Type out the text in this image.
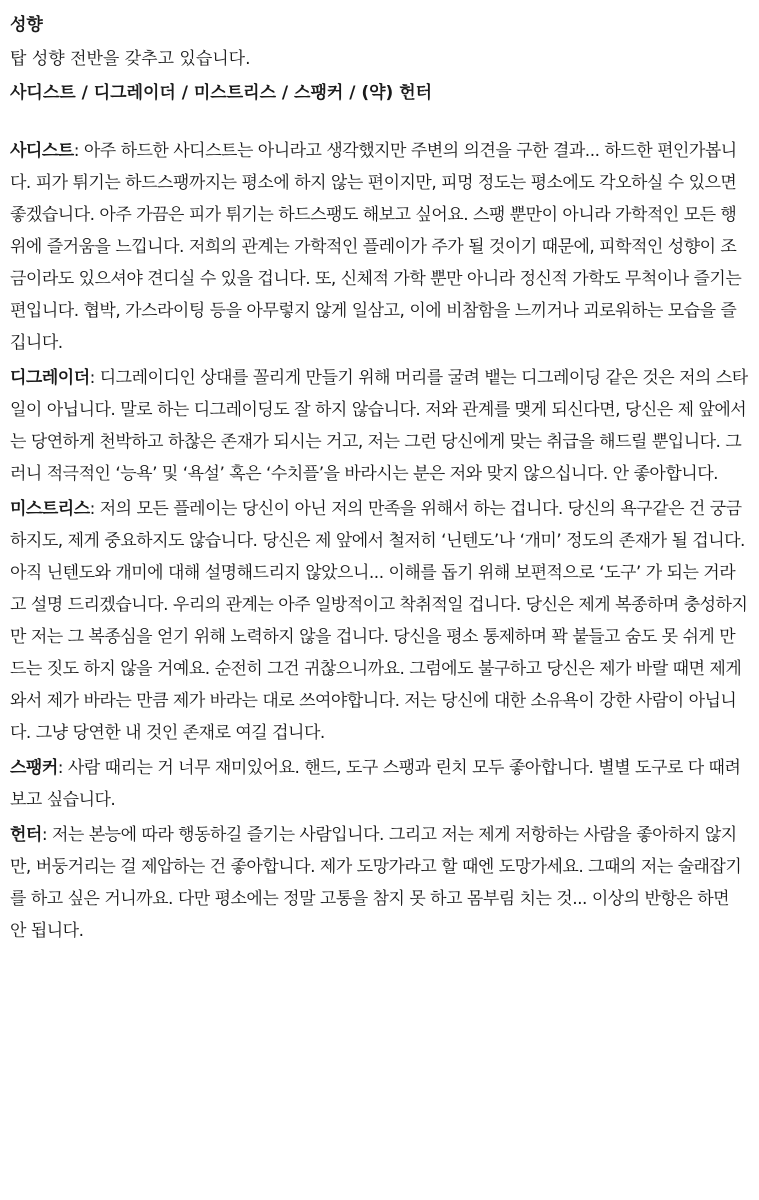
성향
탑 성향 전반을 갖추고 있습니다.
사디스트 / 디그레이더 / 미스트리스 / 스팽커 / (약) 헌터

사디스트: 아주 하드한 사디스트는 아니라고 생각했지만 주변의 의견을 구한 결과... 하드한 편인가봅니다. 피가 튀기는 하드스팽까지는 평소에 하지 않는 편이지만, 피멍 정도는 평소에도 각오하실 수 있으면 좋겠습니다. 아주 가끔은 피가 튀기는 하드스팽도 해보고 싶어요. 스팽 뿐만이 아니라 가학적인 모든 행위에 즐거움을 느낍니다. 저희의 관계는 가학적인 플레이가 주가 될 것이기 때문에, 피학적인 성향이 조금이라도 있으셔야 견디실 수 있을 겁니다. 또, 신체적 가학 뿐만 아니라 정신적 가학도 무척이나 즐기는 편입니다. 협박, 가스라이팅 등을 아무렇지 않게 일삼고, 이에 비참함을 느끼거나 괴로워하는 모습을 즐깁니다.

디그레이더: 디그레이디인 상대를 꼴리게 만들기 위해 머리를 굴려 뱉는 디그레이딩 같은 것은 저의 스타일이 아닙니다. 말로 하는 디그레이딩도 잘 하지 않습니다. 저와 관계를 맺게 되신다면, 당신은 제 앞에서는 당연하게 천박하고 하찮은 존재가 되시는 거고, 저는 그런 당신에게 맞는 취급을 해드릴 뿐입니다. 그러니 적극적인 ‘능욕’ 및 ‘욕설’ 혹은 ‘수치플’을 바라시는 분은 저와 맞지 않으십니다. 안 좋아합니다.

미스트리스: 저의 모든 플레이는 당신이 아닌 저의 만족을 위해서 하는 겁니다. 당신의 욕구같은 건 궁금하지도, 제게 중요하지도 않습니다. 당신은 제 앞에서 철저히 ‘닌텐도’나 ‘개미’ 정도의 존재가 될 겁니다. 아직 닌텐도와 개미에 대해 설명해드리지 않았으니... 이해를 돕기 위해 보편적으로 ‘도구’ 가 되는 거라고 설명 드리겠습니다. 우리의 관계는 아주 일방적이고 착취적일 겁니다. 당신은 제게 복종하며 충성하지만 저는 그 복종심을 얻기 위해 노력하지 않을 겁니다. 당신을 평소 통제하며 꽉 붙들고 숨도 못 쉬게 만드는 짓도 하지 않을 거예요. 순전히 그건 귀찮으니까요. 그럼에도 불구하고 당신은 제가 바랄 때면 제게 와서 제가 바라는 만큼 제가 바라는 대로 쓰여야합니다. 저는 당신에 대한 소유욕이 강한 사람이 아닙니다. 그냥 당연한 내 것인 존재로 여길 겁니다.

스팽커: 사람 때리는 거 너무 재미있어요. 핸드, 도구 스팽과 린치 모두 좋아합니다. 별별 도구로 다 때려보고 싶습니다.

헌터: 저는 본능에 따라 행동하길 즐기는 사람입니다. 그리고 저는 제게 저항하는 사람을 좋아하지 않지만, 버둥거리는 걸 제압하는 건 좋아합니다. 제가 도망가라고 할 때엔 도망가세요. 그때의 저는 술래잡기를 하고 싶은 거니까요. 다만 평소에는 정말 고통을 참지 못 하고 몸부림 치는 것... 이상의 반항은 하면 안 됩니다.
